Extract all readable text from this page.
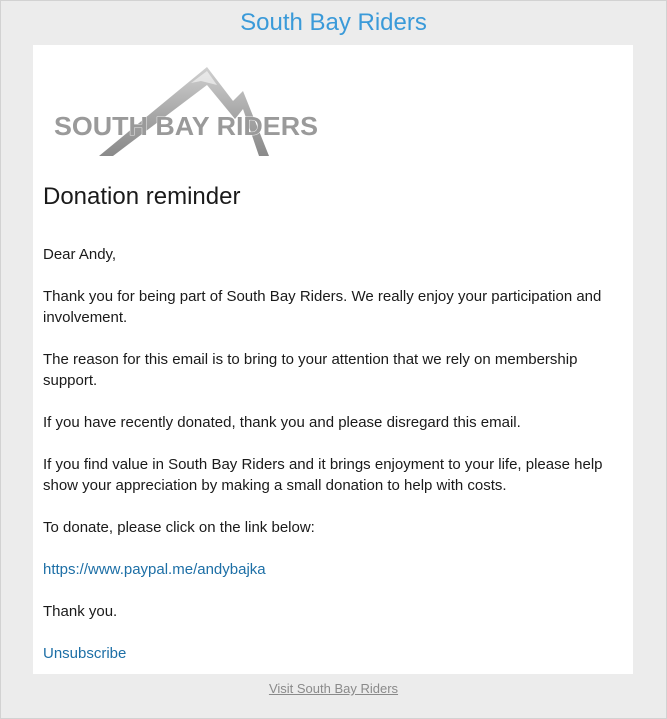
South Bay Riders
SOUTH BAY RIDERS
Donation reminder

Dear Andy,

Thank you for being part of South Bay Riders. We really enjoy your participation and involvement.

The reason for this email is to bring to your attention that we rely on membership support.

If you have recently donated, thank you and please disregard this email.

If you find value in South Bay Riders and it brings enjoyment to your life, please help show your appreciation by making a small donation to help with costs.

To donate, please click on the link below:

https://www.paypal.me/andybajka

Thank you.

Unsubscribe

Visit South Bay Riders
